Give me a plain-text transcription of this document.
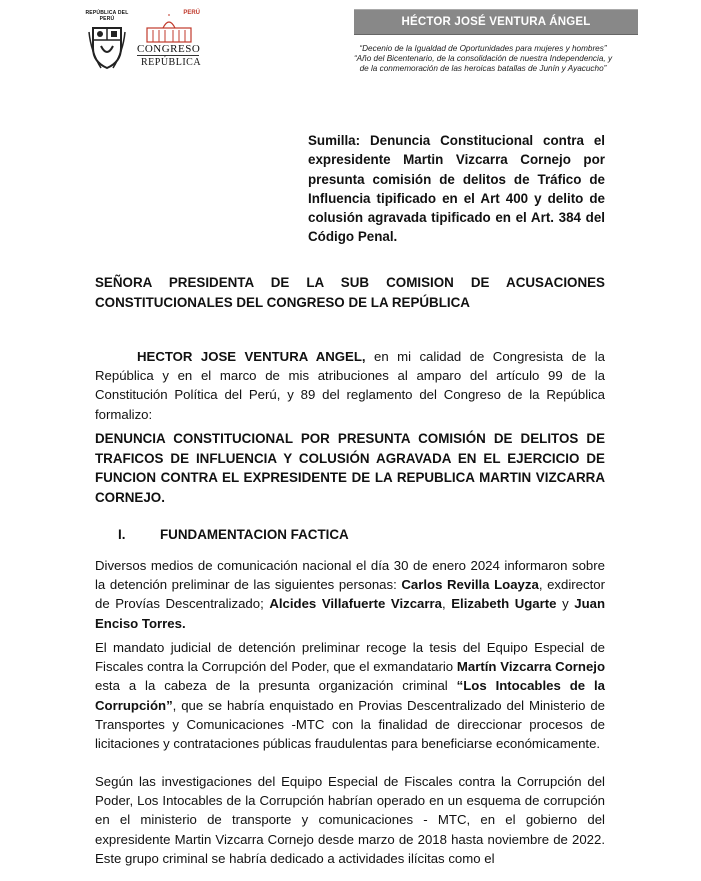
REPÚBLICA DEL PERÚ
PERÚ
CONGRESO
REPÚBLICA
HÉCTOR JOSÉ VENTURA ÁNGEL
“Decenio de la Igualdad de Oportunidades para mujeres y hombres”
“Año del Bicentenario, de la consolidación de nuestra Independencia, y
de la conmemoración de las heroicas batallas de Junín y Ayacucho”
Sumilla: Denuncia Constitucional contra el expresidente Martin Vizcarra Cornejo por presunta comisión de delitos de Tráfico de Influencia tipificado en el Art 400 y delito de colusión agravada tipificado en el Art. 384 del Código Penal.
SEÑORA PRESIDENTA DE LA SUB COMISION DE ACUSACIONES CONSTITUCIONALES DEL CONGRESO DE LA REPÚBLICA
HECTOR JOSE VENTURA ANGEL, en mi calidad de Congresista de la República y en el marco de mis atribuciones al amparo del artículo 99 de la Constitución Política del Perú, y 89 del reglamento del Congreso de la República formalizo:
DENUNCIA CONSTITUCIONAL POR PRESUNTA COMISIÓN DE DELITOS DE TRAFICOS DE INFLUENCIA Y COLUSIÓN AGRAVADA EN EL EJERCICIO DE FUNCION CONTRA EL EXPRESIDENTE DE LA REPUBLICA MARTIN VIZCARRA CORNEJO.
I.	FUNDAMENTACION FACTICA
Diversos medios de comunicación nacional el día 30 de enero 2024 informaron sobre la detención preliminar de las siguientes personas: Carlos Revilla Loayza, exdirector de Provías Descentralizado; Alcides Villafuerte Vizcarra, Elizabeth Ugarte y Juan Enciso Torres.
El mandato judicial de detención preliminar recoge la tesis del Equipo Especial de Fiscales contra la Corrupción del Poder, que el exmandatario Martín Vizcarra Cornejo esta a la cabeza de la presunta organización criminal “Los Intocables de la Corrupción”, que se habría enquistado en Provias Descentralizado del Ministerio de Transportes y Comunicaciones -MTC con la finalidad de direccionar procesos de licitaciones y contrataciones públicas fraudulentas para beneficiarse económicamente.
Según las investigaciones del Equipo Especial de Fiscales contra la Corrupción del Poder, Los Intocables de la Corrupción habrían operado en un esquema de corrupción en el ministerio de transporte y comunicaciones - MTC, en el gobierno del expresidente Martin Vizcarra Cornejo desde marzo de 2018 hasta noviembre de 2022. Este grupo criminal se habría dedicado a actividades ilícitas como el
